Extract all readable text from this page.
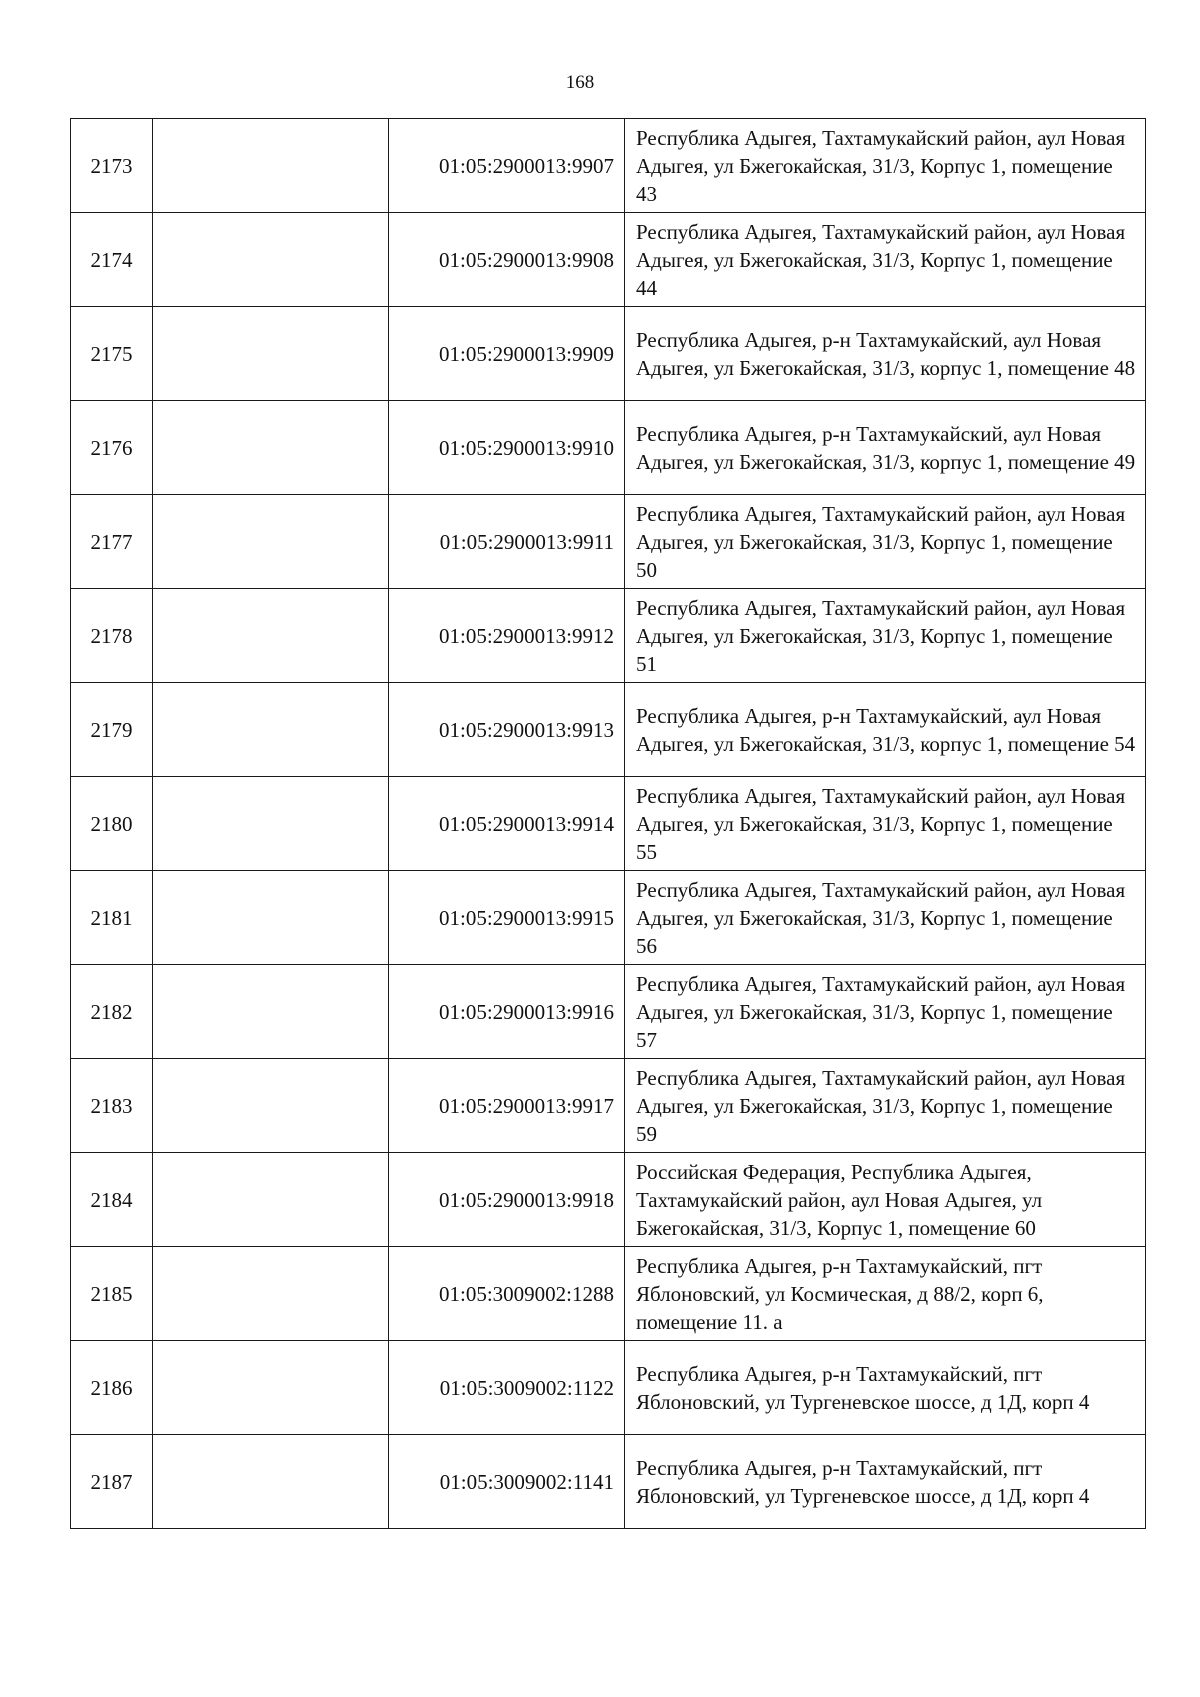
168
2173		01:05:2900013:9907	Республика Адыгея, Тахтамукайский район, аул Новая Адыгея, ул Бжегокайская, 31/3, Корпус 1, помещение 43
2174		01:05:2900013:9908	Республика Адыгея, Тахтамукайский район, аул Новая Адыгея, ул Бжегокайская, 31/3, Корпус 1, помещение 44
2175		01:05:2900013:9909	Республика Адыгея, р-н Тахтамукайский, аул Новая Адыгея, ул Бжегокайская, 31/3, корпус 1, помещение 48
2176		01:05:2900013:9910	Республика Адыгея, р-н Тахтамукайский, аул Новая Адыгея, ул Бжегокайская, 31/3, корпус 1, помещение 49
2177		01:05:2900013:9911	Республика Адыгея, Тахтамукайский район, аул Новая Адыгея, ул Бжегокайская, 31/3, Корпус 1, помещение 50
2178		01:05:2900013:9912	Республика Адыгея, Тахтамукайский район, аул Новая Адыгея, ул Бжегокайская, 31/3, Корпус 1, помещение 51
2179		01:05:2900013:9913	Республика Адыгея, р-н Тахтамукайский, аул Новая Адыгея, ул Бжегокайская, 31/3, корпус 1, помещение 54
2180		01:05:2900013:9914	Республика Адыгея, Тахтамукайский район, аул Новая Адыгея, ул Бжегокайская, 31/3, Корпус 1, помещение 55
2181		01:05:2900013:9915	Республика Адыгея, Тахтамукайский район, аул Новая Адыгея, ул Бжегокайская, 31/3, Корпус 1, помещение 56
2182		01:05:2900013:9916	Республика Адыгея, Тахтамукайский район, аул Новая Адыгея, ул Бжегокайская, 31/3, Корпус 1, помещение 57
2183		01:05:2900013:9917	Республика Адыгея, Тахтамукайский район, аул Новая Адыгея, ул Бжегокайская, 31/3, Корпус 1, помещение 59
2184		01:05:2900013:9918	Российская Федерация, Республика Адыгея, Тахтамукайский район, аул Новая Адыгея, ул Бжегокайская, 31/3, Корпус 1, помещение 60
2185		01:05:3009002:1288	Республика Адыгея, р-н Тахтамукайский, пгт Яблоновский, ул Космическая, д 88/2, корп 6, помещение 11. а
2186		01:05:3009002:1122	Республика Адыгея, р-н Тахтамукайский, пгт Яблоновский, ул Тургеневское шоссе, д 1Д, корп 4
2187		01:05:3009002:1141	Республика Адыгея, р-н Тахтамукайский, пгт Яблоновский, ул Тургеневское шоссе, д 1Д, корп 4
